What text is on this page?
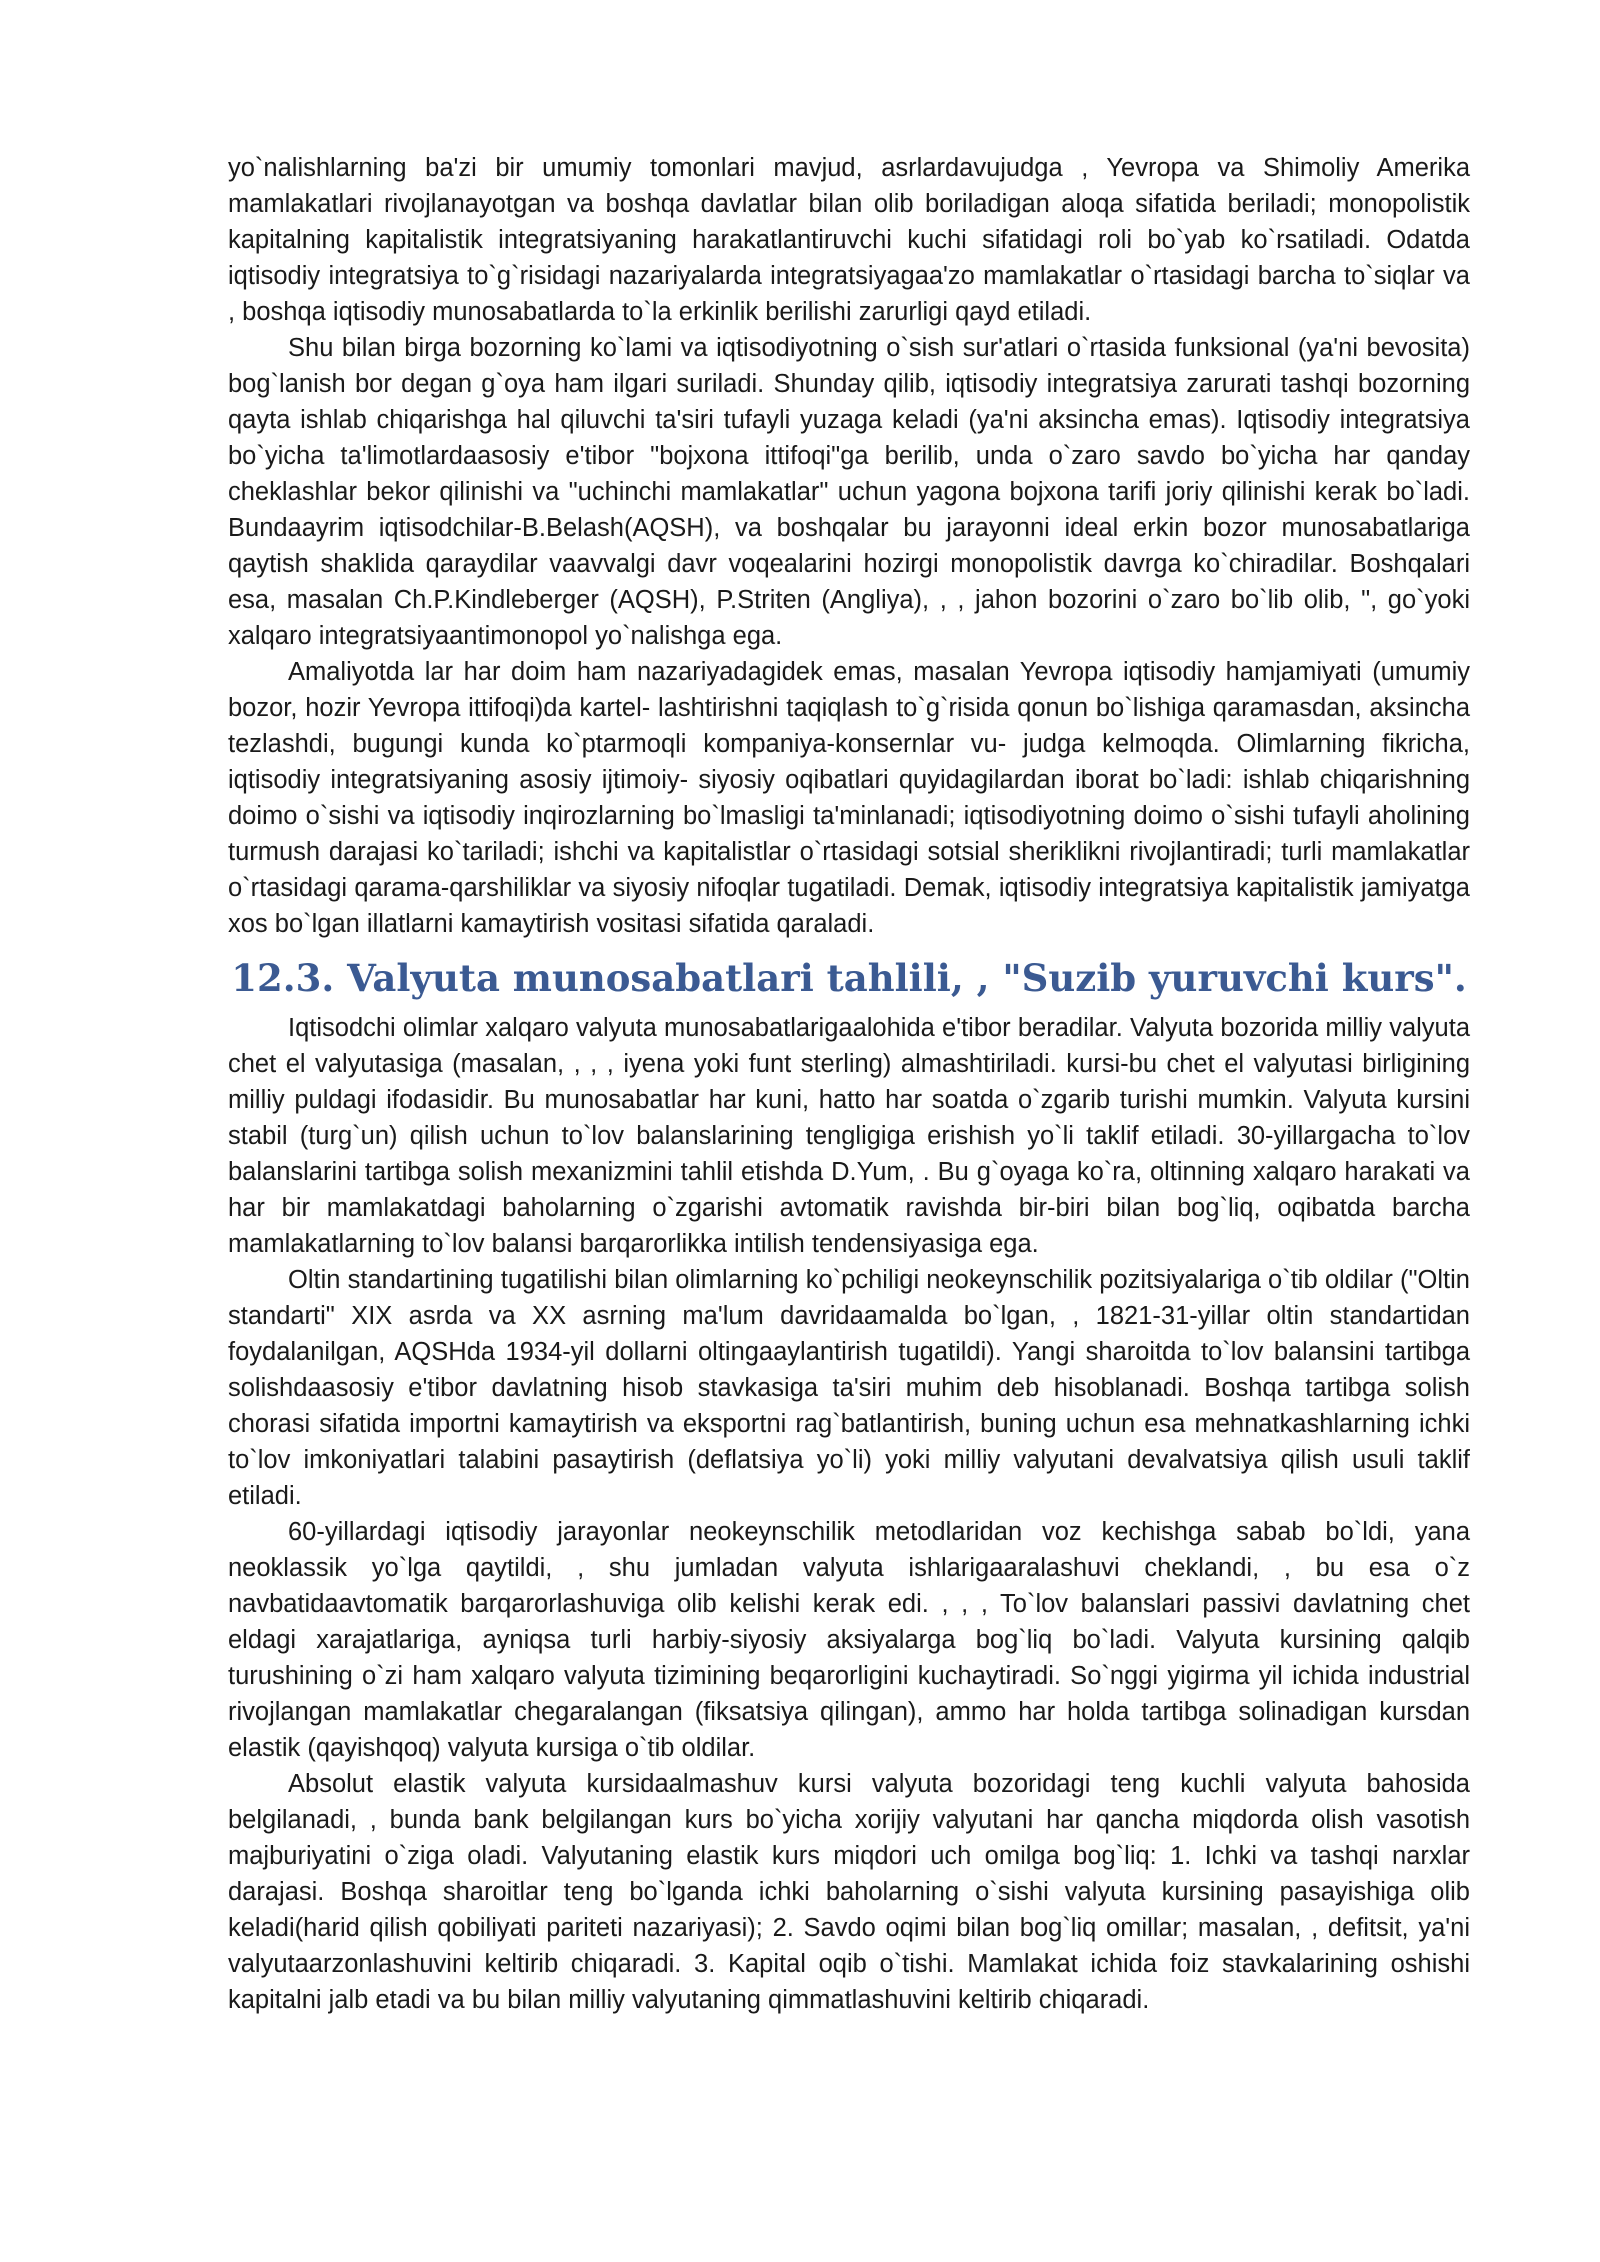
yo`nalishlarning ba'zi bir umumiy tomonlari mavjud, asrlardavujudga , Yevropa va Shimoliy Amerika mamlakatlari rivojlanayotgan va boshqa davlatlar bilan olib boriladigan aloqa sifatida beriladi; monopolistik kapitalning kapitalistik integratsiyaning harakatlantiruvchi kuchi sifatidagi roli bo`yab ko`rsatiladi. Odatda iqtisodiy integratsiya to`g`risidagi nazariyalarda integratsiyagaa'zo mamlakatlar o`rtasidagi barcha to`siqlar va , boshqa iqtisodiy munosabatlarda to`la erkinlik berilishi zarurligi qayd etiladi.

Shu bilan birga bozorning ko`lami va iqtisodiyotning o`sish sur'atlari o`rtasida funksional (ya'ni bevosita) bog`lanish bor degan g`oya ham ilgari suriladi. Shunday qilib, iqtisodiy integratsiya zarurati tashqi bozorning qayta ishlab chiqarishga hal qiluvchi ta'siri tufayli yuzaga keladi (ya'ni aksincha emas). Iqtisodiy integratsiya bo`yicha ta'limotlardaasosiy e'tibor "bojxona ittifoqi"ga berilib, unda o`zaro savdo bo`yicha har qanday cheklashlar bekor qilinishi va "uchinchi mamlakatlar" uchun yagona bojxona tarifi joriy qilinishi kerak bo`ladi. Bundaayrim iqtisodchilar-B.Belash(AQSH), va boshqalar bu jarayonni ideal erkin bozor munosabatlariga qaytish shaklida qaraydilar vaavvalgi davr voqealarini hozirgi monopolistik davrga ko`chiradilar. Boshqalari esa, masalan Ch.P.Kindleberger (AQSH), P.Striten (Angliya), , , jahon bozorini o`zaro bo`lib olib, ", go`yoki xalqaro integratsiyaantimonopol yo`nalishga ega.

Amaliyotda lar har doim ham nazariyadagidek emas, masalan Yevropa iqtisodiy hamjamiyati (umumiy bozor, hozir Yevropa ittifoqi)da kartel- lashtirishni taqiqlash to`g`risida qonun bo`lishiga qaramasdan, aksincha tezlashdi, bugungi kunda ko`ptarmoqli kompaniya-konsernlar vu- judga kelmoqda. Olimlarning fikricha, iqtisodiy integratsiyaning asosiy ijtimoiy- siyosiy oqibatlari quyidagilardan iborat bo`ladi: ishlab chiqarishning doimo o`sishi va iqtisodiy inqirozlarning bo`lmasligi ta'minlanadi; iqtisodiyotning doimo o`sishi tufayli aholining turmush darajasi ko`tariladi; ishchi va kapitalistlar o`rtasidagi sotsial sheriklikni rivojlantiradi; turli mamlakatlar o`rtasidagi qarama-qarshiliklar va siyosiy nifoqlar tugatiladi. Demak, iqtisodiy integratsiya kapitalistik jamiyatga xos bo`lgan illatlarni kamaytirish vositasi sifatida qaraladi.

12.3. Valyuta munosabatlari tahlili, , "Suzib yuruvchi kurs".

Iqtisodchi olimlar xalqaro valyuta munosabatlarigaalohida e'tibor beradilar. Valyuta bozorida milliy valyuta chet el valyutasiga (masalan, , , , iyena yoki funt sterling) almashtiriladi. kursi-bu chet el valyutasi birligining milliy puldagi ifodasidir. Bu munosabatlar har kuni, hatto har soatda o`zgarib turishi mumkin. Valyuta kursini stabil (turg`un) qilish uchun to`lov balanslarining tengligiga erishish yo`li taklif etiladi. 30-yillargacha to`lov balanslarini tartibga solish mexanizmini tahlil etishda D.Yum, . Bu g`oyaga ko`ra, oltinning xalqaro harakati va har bir mamlakatdagi baholarning o`zgarishi avtomatik ravishda bir-biri bilan bog`liq, oqibatda barcha mamlakatlarning to`lov balansi barqarorlikka intilish tendensiyasiga ega.

Oltin standartining tugatilishi bilan olimlarning ko`pchiligi neokeynschilik pozitsiyalariga o`tib oldilar ("Oltin standarti" XIX asrda va XX asrning ma'lum davridaamalda bo`lgan, , 1821-31-yillar oltin standartidan foydalanilgan, AQSHda 1934-yil dollarni oltingaaylantirish tugatildi). Yangi sharoitda to`lov balansini tartibga solishdaasosiy e'tibor davlatning hisob stavkasiga ta'siri muhim deb hisoblanadi. Boshqa tartibga solish chorasi sifatida importni kamaytirish va eksportni rag`batlantirish, buning uchun esa mehnatkashlarning ichki to`lov imkoniyatlari talabini pasaytirish (deflatsiya yo`li) yoki milliy valyutani devalvatsiya qilish usuli taklif etiladi.

60-yillardagi iqtisodiy jarayonlar neokeynschilik metodlaridan voz kechishga sabab bo`ldi, yana neoklassik yo`lga qaytildi, , shu jumladan valyuta ishlarigaaralashuvi cheklandi, , bu esa o`z navbatidaavtomatik barqarorlashuviga olib kelishi kerak edi. , , , To`lov balanslari passivi davlatning chet eldagi xarajatlariga, ayniqsa turli harbiy-siyosiy aksiyalarga bog`liq bo`ladi. Valyuta kursining qalqib turushining o`zi ham xalqaro valyuta tizimining beqarorligini kuchaytiradi. So`nggi yigirma yil ichida industrial rivojlangan mamlakatlar chegaralangan (fiksatsiya qilingan), ammo har holda tartibga solinadigan kursdan elastik (qayishqoq) valyuta kursiga o`tib oldilar.

Absolut elastik valyuta kursidaalmashuv kursi valyuta bozoridagi teng kuchli valyuta bahosida belgilanadi, , bunda bank belgilangan kurs bo`yicha xorijiy valyutani har qancha miqdorda olish vasotish majburiyatini o`ziga oladi. Valyutaning elastik kurs miqdori uch omilga bog`liq: 1. Ichki va tashqi narxlar darajasi. Boshqa sharoitlar teng bo`lganda ichki baholarning o`sishi valyuta kursining pasayishiga olib keladi(harid qilish qobiliyati pariteti nazariyasi); 2. Savdo oqimi bilan bog`liq omillar; masalan, , defitsit, ya'ni valyutaarzonlashuvini keltirib chiqaradi. 3. Kapital oqib o`tishi. Mamlakat ichida foiz stavkalarining oshishi kapitalni jalb etadi va bu bilan milliy valyutaning qimmatlashuvini keltirib chiqaradi.
